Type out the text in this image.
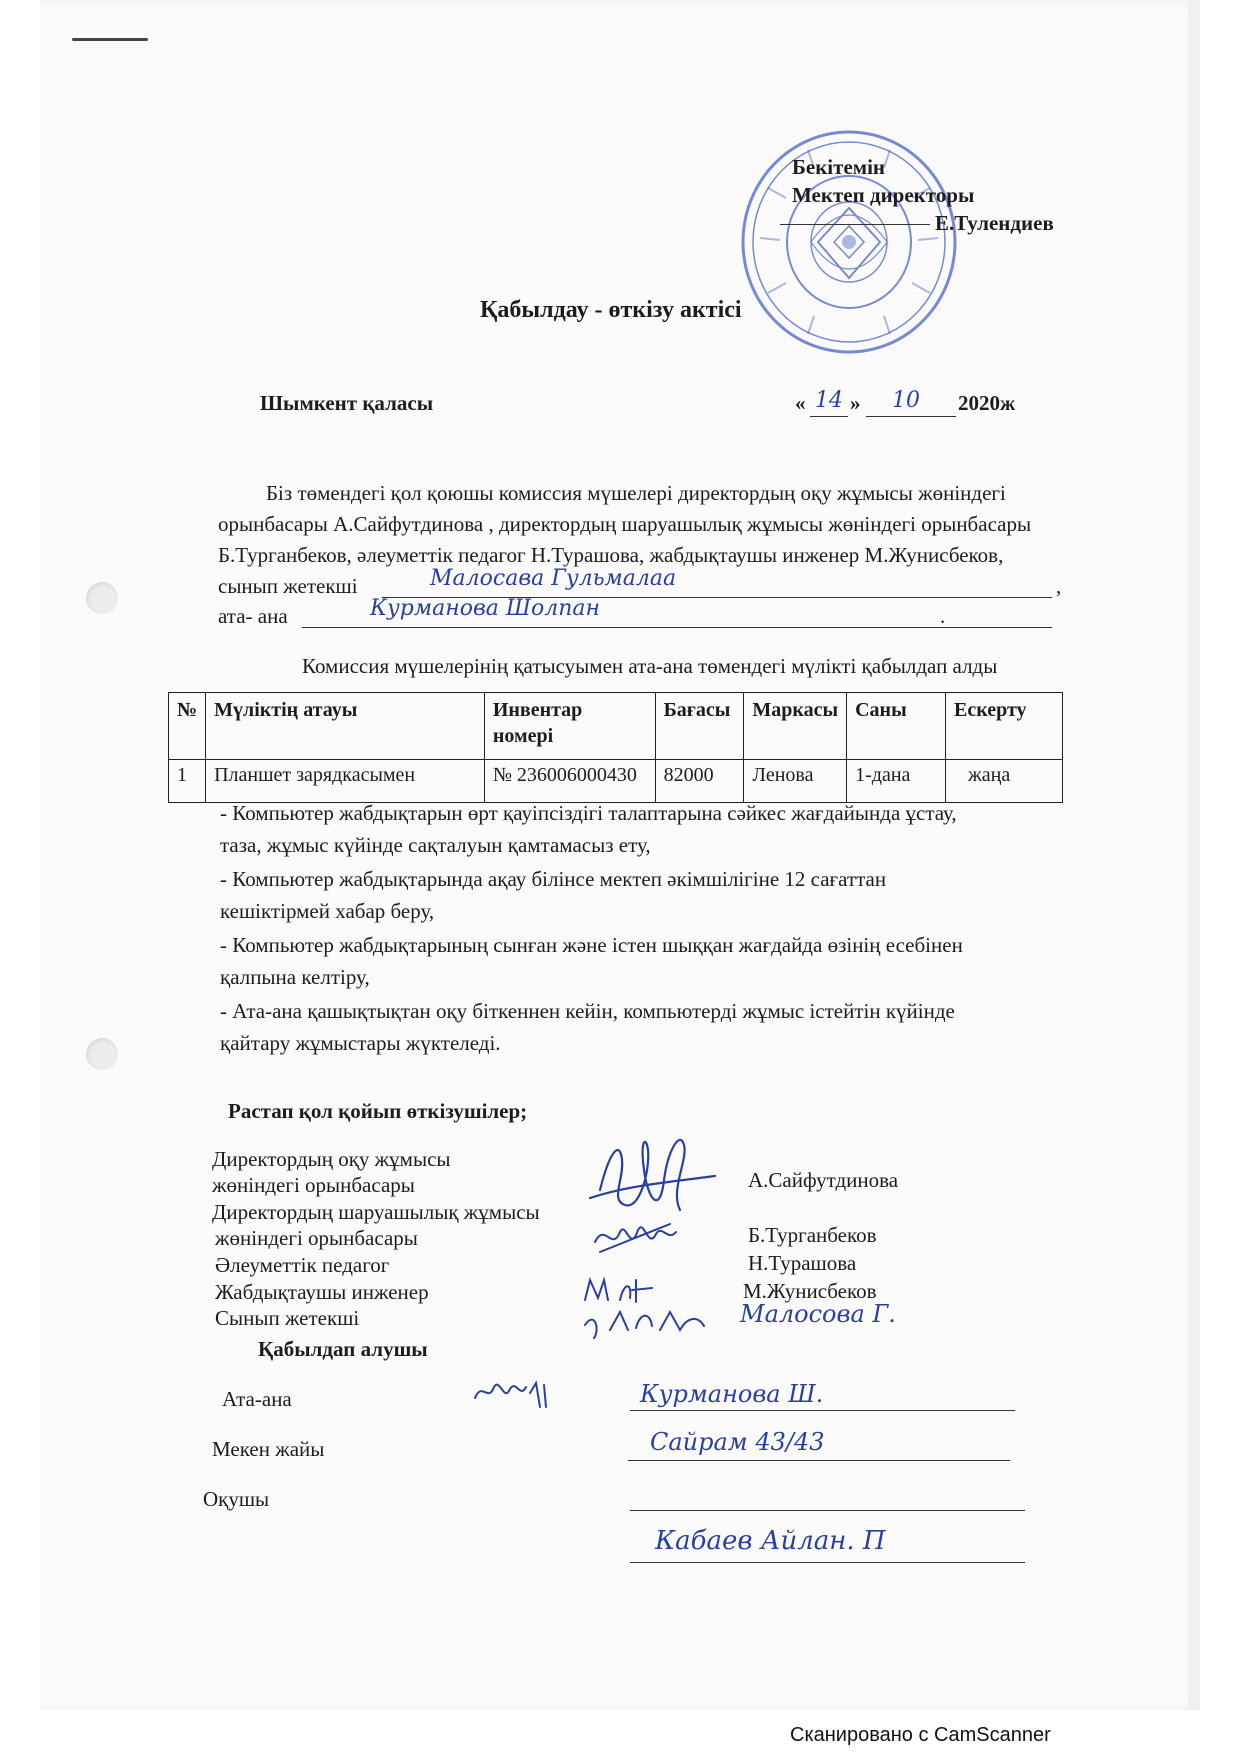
Бекітемін
Мектеп директоры
Е.Тулендиев
Қабылдау - өткізу актісі
Шымкент қаласы	« 14 » 10 2020ж
Біз төмендегі қол қоюшы комиссия мүшелері директордың оқу жұмысы жөніндегі
орынбасары А.Сайфутдинова , директордың шаруашылық жұмысы жөніндегі орынбасары
Б.Турганбеков, әлеуметтік педагог Н.Турашова, жабдықтаушы инженер М.Жунисбеков,
сынып жетекші	Малосава Гульмалаа	,
ата- ана	Курманова Шолпан	.
Комиссия мүшелерінің қатысуымен ата-ана төмендегі мүлікті қабылдап алды
№	Мүліктің атауы	Инвентар номері	Бағасы	Маркасы	Саны	Ескерту
1	Планшет зарядкасымен	№ 236006000430	82000	Ленова	1-дана	жаңа
- Компьютер жабдықтарын өрт қауіпсіздігі талаптарына сәйкес жағдайында ұстау,
таза, жұмыс күйінде сақталуын қамтамасыз ету,
- Компьютер жабдықтарында ақау білінсе мектеп әкімшілігіне 12 сағаттан
кешіктірмей хабар беру,
- Компьютер жабдықтарының сынған және істен шыққан жағдайда өзінің есебінен
қалпына келтіру,
- Ата-ана қашықтықтан оқу біткеннен кейін, компьютерді жұмыс істейтін күйінде
қайтару жұмыстары жүктеледі.
Растап қол қойып өткізушілер;
Директордың оқу жұмысы
жөніндегі орынбасары	А.Сайфутдинова
Директордың шаруашылық жұмысы
жөніндегі орынбасары	Б.Турганбеков
Әлеуметтік педагог	Н.Турашова
Жабдықтаушы инженер	М.Жунисбеков
Сынып жетекші	Малосова Г.
Қабылдап алушы
Ата-ана	Курманова Ш.
Мекен жайы	Сайрам 43/43
Оқушы
Кабаев Айлан. П
Сканировано с CamScanner
